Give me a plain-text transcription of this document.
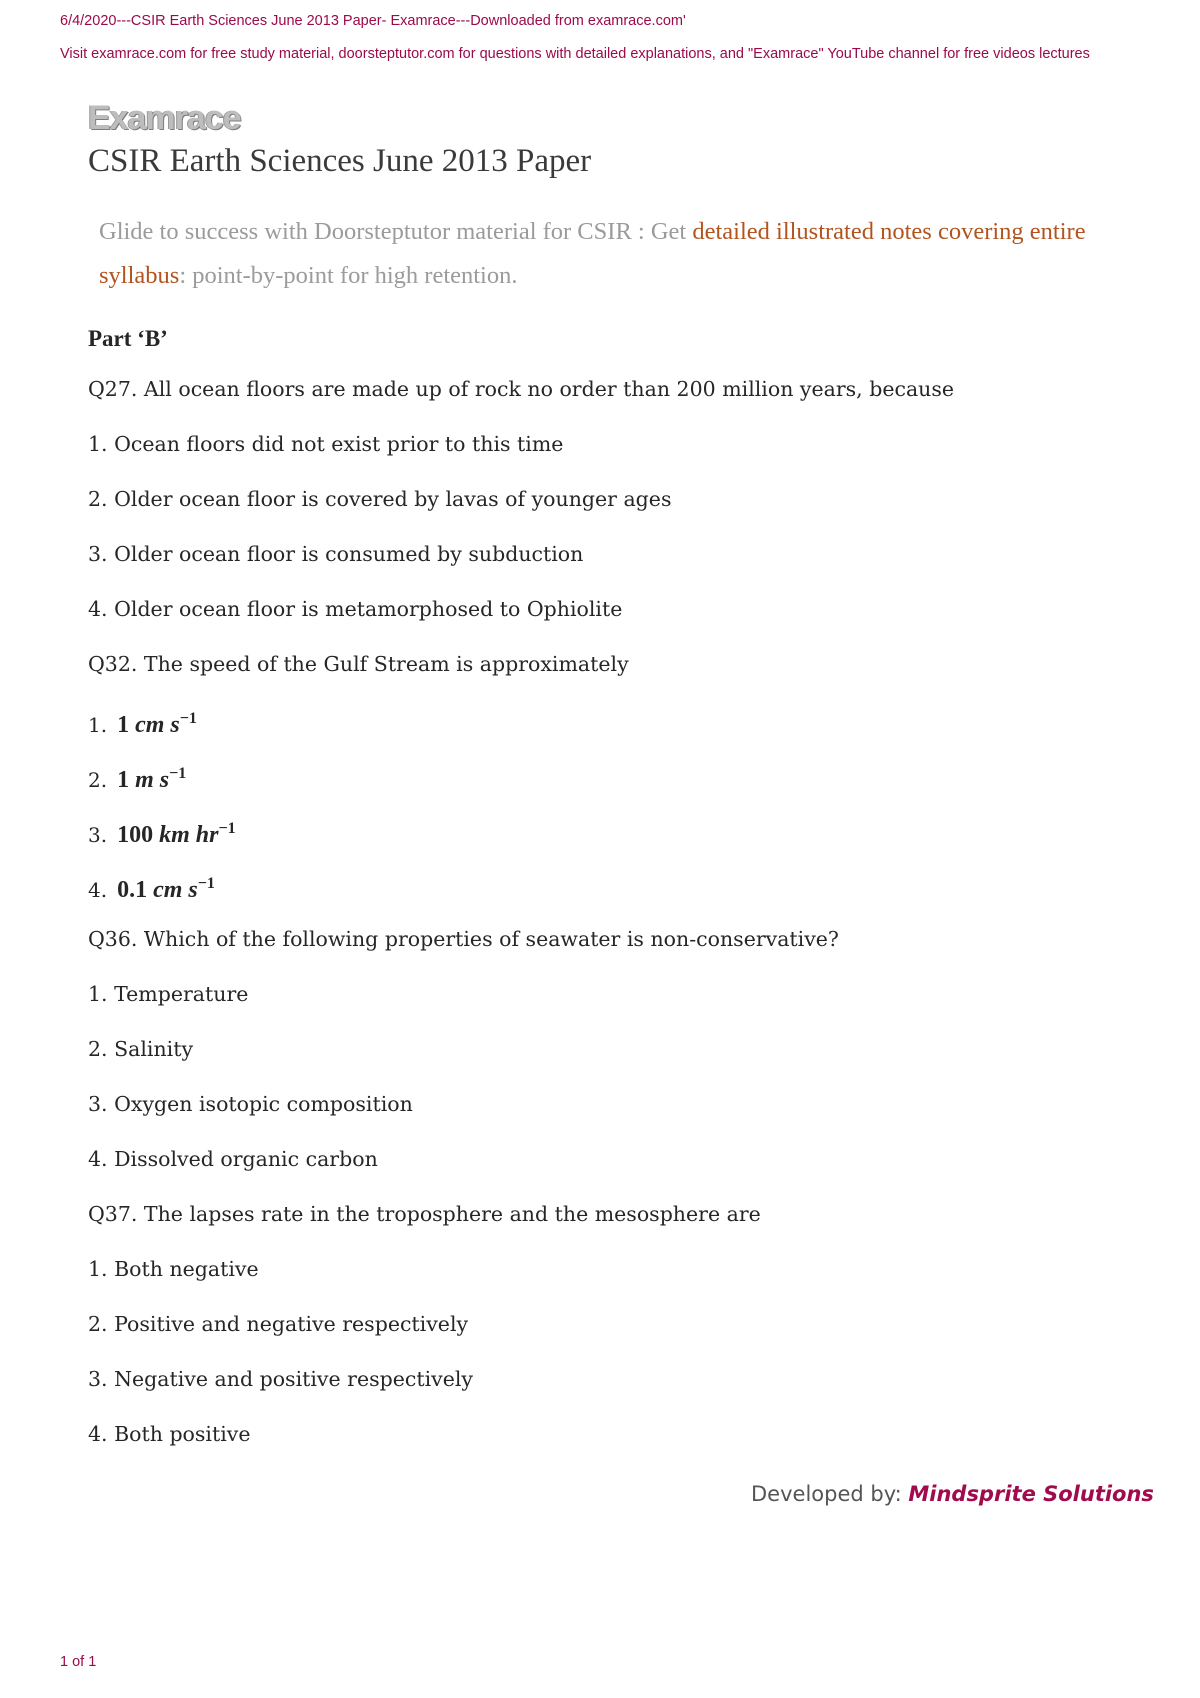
6/4/2020---CSIR Earth Sciences June 2013 Paper- Examrace---Downloaded from examrace.com'
Visit examrace.com for free study material, doorsteptutor.com for questions with detailed explanations, and "Examrace" YouTube channel for free videos lectures
Examrace
CSIR Earth Sciences June 2013 Paper
Glide to success with Doorsteptutor material for CSIR : Get detailed illustrated notes covering entire syllabus: point-by-point for high retention.
Part ‘B’
Q27. All ocean floors are made up of rock no order than 200 million years, because
1. Ocean floors did not exist prior to this time
2. Older ocean floor is covered by lavas of younger ages
3. Older ocean floor is consumed by subduction
4. Older ocean floor is metamorphosed to Ophiolite
Q32. The speed of the Gulf Stream is approximately
1. 1 cm $s^{-1}$
2. 1 m $s^{-1}$
3. 100 km $hr^{-1}$
4. 0.1 cm $s^{-1}$
Q36. Which of the following properties of seawater is non-conservative?
1. Temperature
2. Salinity
3. Oxygen isotopic composition
4. Dissolved organic carbon
Q37. The lapses rate in the troposphere and the mesosphere are
1. Both negative
2. Positive and negative respectively
3. Negative and positive respectively
4. Both positive
Developed by: Mindsprite Solutions
1 of 1
